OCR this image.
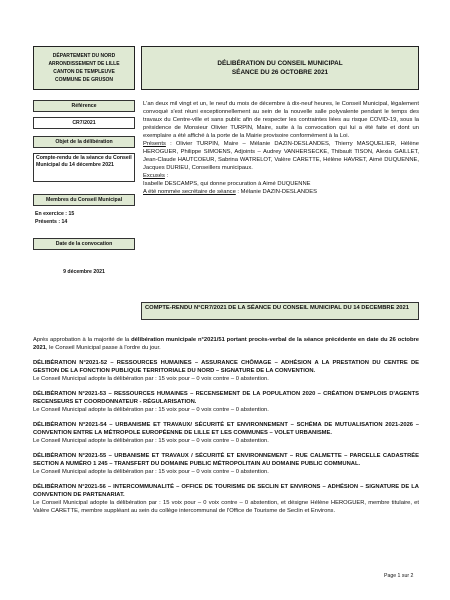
DÉPARTEMENT DU NORD
ARRONDISSEMENT DE LILLE
CANTON DE TEMPLEUVE
COMMUNE DE GRUSON
DÉLIBÉRATION DU CONSEIL MUNICIPAL
SÉANCE DU 26 OCTOBRE 2021
Référence
CR7/2021
Objet de la délibération
Compte-rendu de la séance du Conseil Municipal du 14 décembre 2021
Membres du Conseil Municipal
En exercice : 15
Présents : 14
Date de la convocation
9 décembre 2021

L'an deux mil vingt et un, le neuf du mois de décembre à dix-neuf heures, le Conseil Municipal, légalement convoqué s'est réuni exceptionnellement au sein de la nouvelle salle polyvalente pendant le temps des travaux du Centre-ville et sans public afin de respecter les contraintes liées au risque COVID-19, sous la présidence de Monsieur Olivier TURPIN, Maire, suite à la convocation qui lui a été faite et dont un exemplaire a été affiché à la porte de la Mairie provisoire conformément à la Loi.

Présents : Olivier TURPIN, Maire – Mélanie DAZIN-DESLANDES, Thierry MASQUELIER, Hélène HEROGUER, Philippe SIMOENS, Adjoints – Audrey VANHERSECKE, Thibault TISON, Alexia GAILLET, Jean-Claude HAUTCOEUR, Sabrina WATRELOT, Valère CARETTE, Hélène HAVRET, Aimé DUQUENNE, Jacques DURIEU, Conseillers municipaux.

Excusés :

Isabelle DESCAMPS, qui donne procuration à Aimé DUQUENNE

A été nommée secrétaire de séance : Mélanie DAZIN-DESLANDES

COMPTE-RENDU N°CR7/2021 DE LA SÉANCE DU CONSEIL MUNICIPAL DU 14 DECEMBRE 2021
Après approbation à la majorité de la délibération municipale n°2021/51 portant procès-verbal de la séance précédente en date du 26 octobre 2021, le Conseil Municipal passe à l'ordre du jour.
DÉLIBÉRATION N°2021-52 – RESSOURCES HUMAINES – ASSURANCE CHÔMAGE – ADHÉSION A LA PRESTATION DU CENTRE DE GESTION DE LA FONCTION PUBLIQUE TERRITORIALE DU NORD – SIGNATURE DE LA CONVENTION.
Le Conseil Municipal adopte la délibération par : 15 voix pour – 0 voix contre – 0 abstention.
DÉLIBÉRATION N°2021-53 – RESSOURCES HUMAINES – RECENSEMENT DE LA POPULATION 2020 – CRÉATION D'EMPLOIS D'AGENTS RECENSEURS ET COORDONNATEUR - RÉGULARISATION.
Le Conseil Municipal adopte la délibération par : 15 voix pour – 0 voix contre – 0 abstention.
DÉLIBÉRATION N°2021-54 – URBANISME ET TRAVAUX/ SÉCURITÉ ET ENVIRONNEMENT – SCHÉMA DE MUTUALISATION 2021-2026 – CONVENTION ENTRE LA MÉTROPOLE EUROPÉENNE DE LILLE ET LES COMMUNES – VOLET URBANISME.
Le Conseil Municipal adopte la délibération par : 15 voix pour – 0 voix contre – 0 abstention.
DÉLIBÉRATION N°2021-55 – URBANISME ET TRAVAUX / SÉCURITÉ ET ENVIRONNEMENT – RUE CALMETTE – PARCELLE CADASTRÉE SECTION A NUMÉRO 1 245 – TRANSFERT DU DOMAINE PUBLIC MÉTROPOLITAIN AU DOMAINE PUBLIC COMMUNAL.
Le Conseil Municipal adopte la délibération par : 15 voix pour – 0 voix contre – 0 abstention.
DÉLIBÉRATION N°2021-56 – INTERCOMMUNALITÉ – OFFICE DE TOURISME DE SECLIN ET ENVIRONS – ADHÉSION – SIGNATURE DE LA CONVENTION DE PARTENARIAT.
Le Conseil Municipal adopte la délibération par : 15 voix pour – 0 voix contre – 0 abstention, et désigne Hélène HEROGUER, membre titulaire, et Valère CARETTE, membre suppléant au sein du collège intercommunal de l'Office de Tourisme de Seclin et Environs.
Page 1 sur 2
